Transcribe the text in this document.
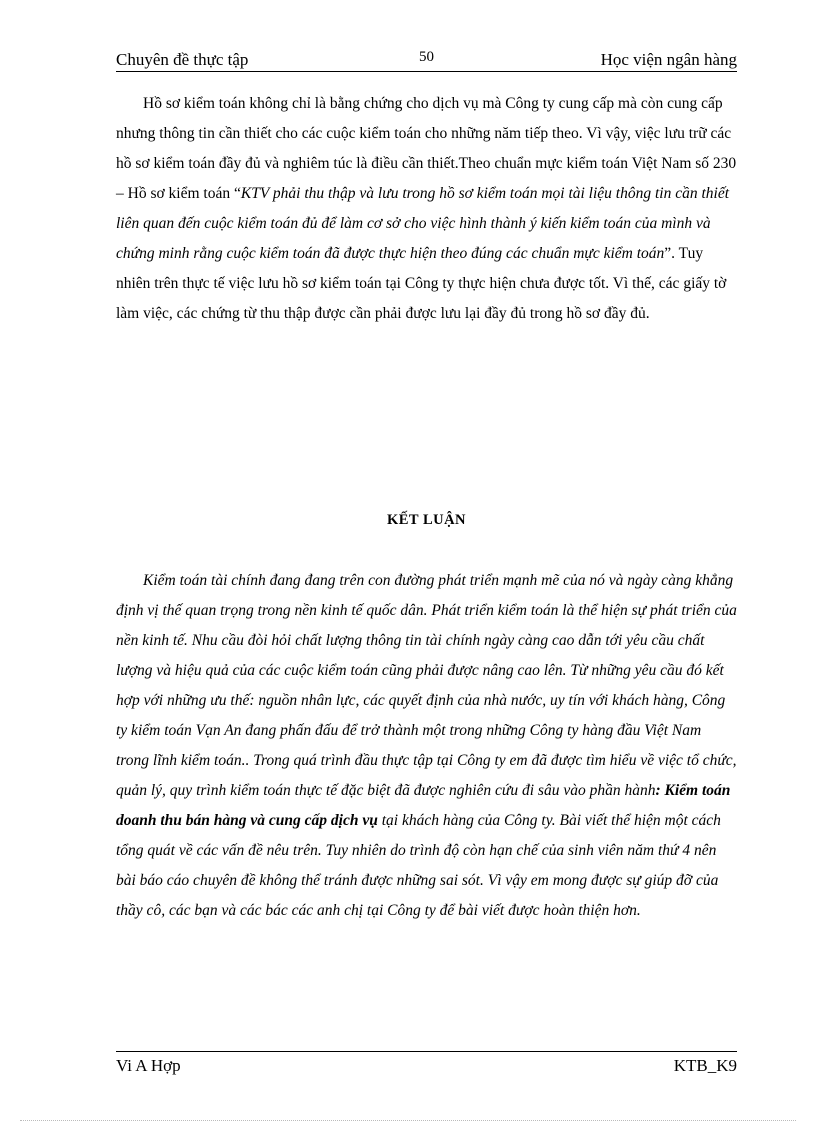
Chuyên đề thực tập	50	Học viện ngân hàng

Hồ sơ kiểm toán không chỉ là bằng chứng cho dịch vụ mà Công ty cung cấp mà còn cung cấp nhưng thông tin cần thiết cho các cuộc kiểm toán cho những năm tiếp theo. Vì vậy, việc lưu trữ các hồ sơ kiểm toán đầy đủ và nghiêm túc là điều cần thiết.Theo chuẩn mực kiểm toán Việt Nam số 230 – Hồ sơ kiểm toán “KTV phải thu thập và lưu trong hồ sơ kiểm toán mọi tài liệu thông tin cần thiết liên quan đến cuộc kiểm toán đủ để làm cơ sở cho việc hình thành ý kiến kiểm toán của mình và chứng minh rằng cuộc kiểm toán đã được thực hiện theo đúng các chuẩn mực kiểm toán”. Tuy nhiên trên thực tế việc lưu hồ sơ kiểm toán tại Công ty thực hiện chưa được tốt. Vì thế, các giấy tờ làm việc, các chứng từ thu thập được cần phải được lưu lại đầy đủ trong hồ sơ đầy đủ.

KẾT LUẬN

Kiểm toán tài chính đang đang trên con đường phát triển mạnh mẽ của nó và ngày càng khẳng định vị thế quan trọng trong nền kinh tế quốc dân. Phát triển kiểm toán là thể hiện sự phát triển của nền kinh tế. Nhu cầu đòi hỏi chất lượng thông tin tài chính ngày càng cao dẫn tới yêu cầu chất lượng và hiệu quả của các cuộc kiểm toán cũng phải được nâng cao lên. Từ những yêu cầu đó kết hợp với những ưu thế: nguồn nhân lực, các quyết định của nhà nước, uy tín với khách hàng, Công ty kiểm toán Vạn An đang phấn đấu để trở thành một trong những Công ty hàng đầu Việt Nam trong lĩnh kiểm toán.. Trong quá trình đầu thực tập tại Công ty em đã được tìm hiểu về việc tổ chức, quản lý, quy trình kiểm toán thực tế đặc biệt đã được nghiên cứu đi sâu vào phần hành: Kiểm toán doanh thu bán hàng và cung cấp dịch vụ tại khách hàng của Công ty. Bài viết thể hiện một cách tổng quát về các vấn đề nêu trên. Tuy nhiên do trình độ còn hạn chế của sinh viên năm thứ 4 nên bài báo cáo chuyên đề không thể tránh được những sai sót. Vì vậy em mong được sự giúp đỡ của thầy cô, các bạn và các bác các anh chị tại Công ty để bài viết được hoàn thiện hơn.

Vi A Hợp	KTB_K9
